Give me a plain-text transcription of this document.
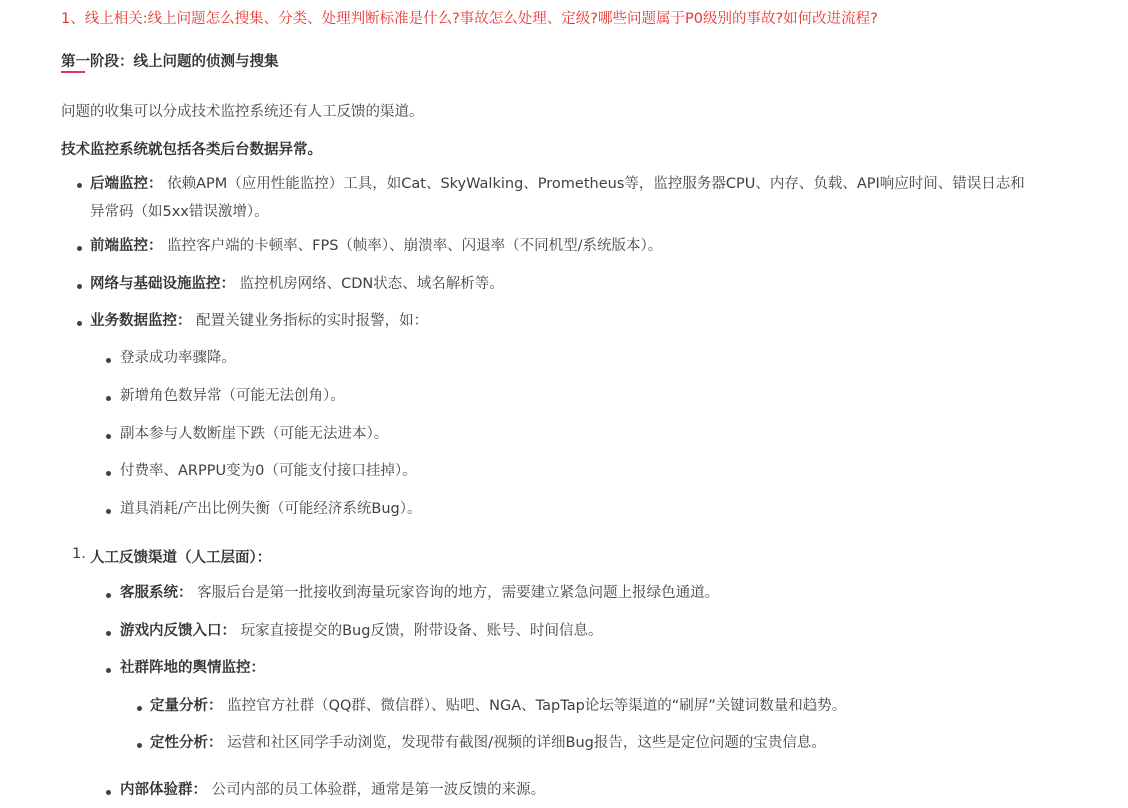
1、线上相关:线上问题怎么搜集、分类、处理判断标准是什么?事故怎么处理、定级?哪些问题属于P0级别的事故?如何改进流程?
第一阶段：线上问题的侦测与搜集
问题的收集可以分成技术监控系统还有人工反馈的渠道。
技术监控系统就包括各类后台数据异常。
后端监控： 依赖APM（应用性能监控）工具，如Cat、SkyWalking、Prometheus等，监控服务器CPU、内存、负载、API响应时间、错误日志和
异常码（如5xx错误激增）。
前端监控： 监控客户端的卡顿率、FPS（帧率）、崩溃率、闪退率（不同机型/系统版本）。
网络与基础设施监控： 监控机房网络、CDN状态、域名解析等。
业务数据监控： 配置关键业务指标的实时报警，如：
登录成功率骤降。
新增角色数异常（可能无法创角）。
副本参与人数断崖下跌（可能无法进本）。
付费率、ARPPU变为0（可能支付接口挂掉）。
道具消耗/产出比例失衡（可能经济系统Bug）。
1. 人工反馈渠道（人工层面）：
客服系统： 客服后台是第一批接收到海量玩家咨询的地方，需要建立紧急问题上报绿色通道。
游戏内反馈入口： 玩家直接提交的Bug反馈，附带设备、账号、时间信息。
社群阵地的舆情监控：
定量分析： 监控官方社群（QQ群、微信群）、贴吧、NGA、TapTap论坛等渠道的“刷屏”关键词数量和趋势。
定性分析： 运营和社区同学手动浏览，发现带有截图/视频的详细Bug报告，这些是定位问题的宝贵信息。
内部体验群： 公司内部的员工体验群，通常是第一波反馈的来源。
